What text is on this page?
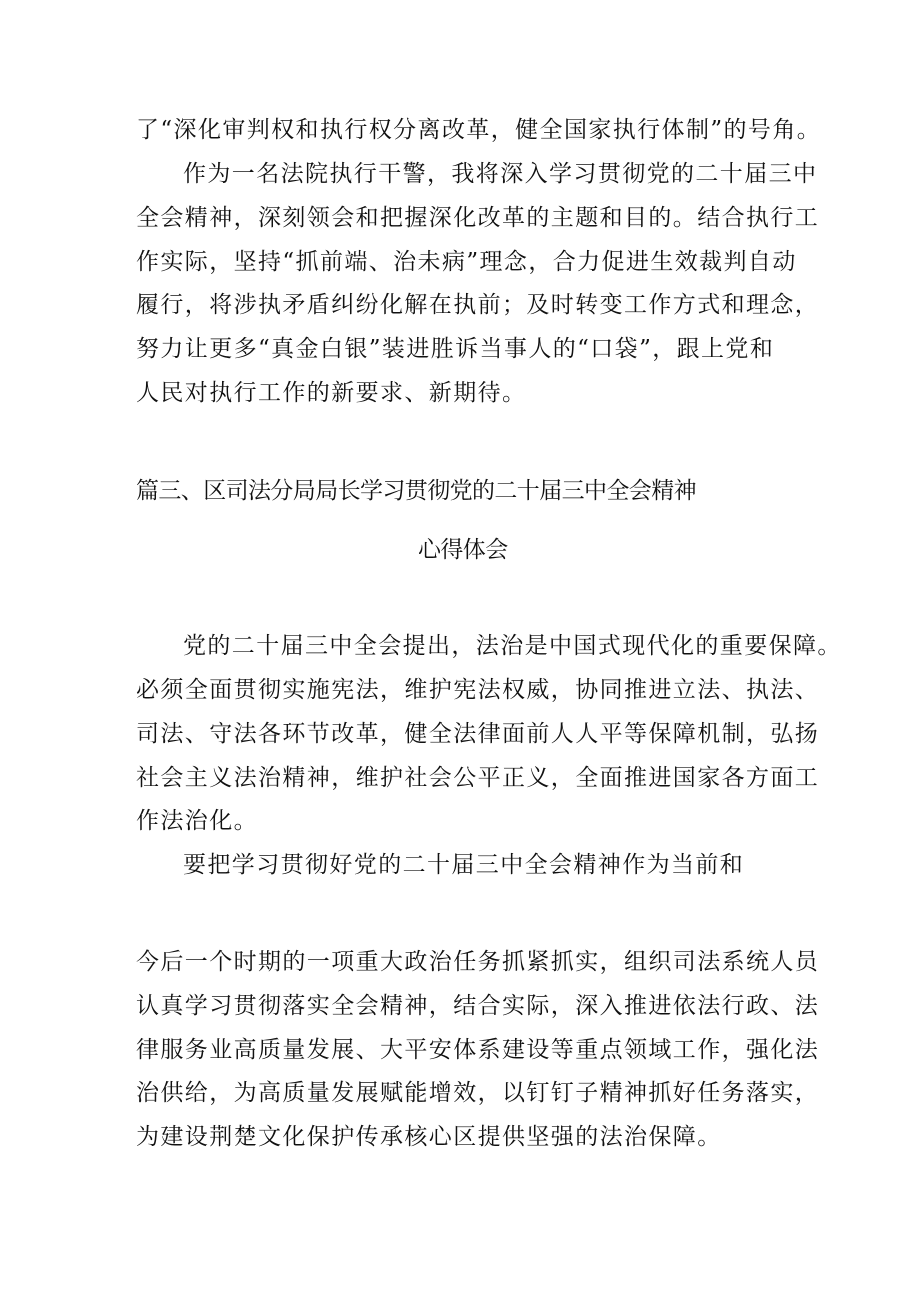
了“深化审判权和执行权分离改革，健全国家执行体制”的号角。
作为一名法院执行干警，我将深入学习贯彻党的二十届三中
全会精神，深刻领会和把握深化改革的主题和目的。结合执行工
作实际，坚持“抓前端、治未病”理念，合力促进生效裁判自动
履行，将涉执矛盾纠纷化解在执前；及时转变工作方式和理念，
努力让更多“真金白银”装进胜诉当事人的“口袋”，跟上党和
人民对执行工作的新要求、新期待。
篇三、区司法分局局长学习贯彻党的二十届三中全会精神
心得体会
党的二十届三中全会提出，法治是中国式现代化的重要保障。
必须全面贯彻实施宪法，维护宪法权威，协同推进立法、执法、
司法、守法各环节改革，健全法律面前人人平等保障机制，弘扬
社会主义法治精神，维护社会公平正义，全面推进国家各方面工
作法治化。
要把学习贯彻好党的二十届三中全会精神作为当前和
今后一个时期的一项重大政治任务抓紧抓实，组织司法系统人员
认真学习贯彻落实全会精神，结合实际，深入推进依法行政、法
律服务业高质量发展、大平安体系建设等重点领域工作，强化法
治供给，为高质量发展赋能增效，以钉钉子精神抓好任务落实，
为建设荆楚文化保护传承核心区提供坚强的法治保障。
